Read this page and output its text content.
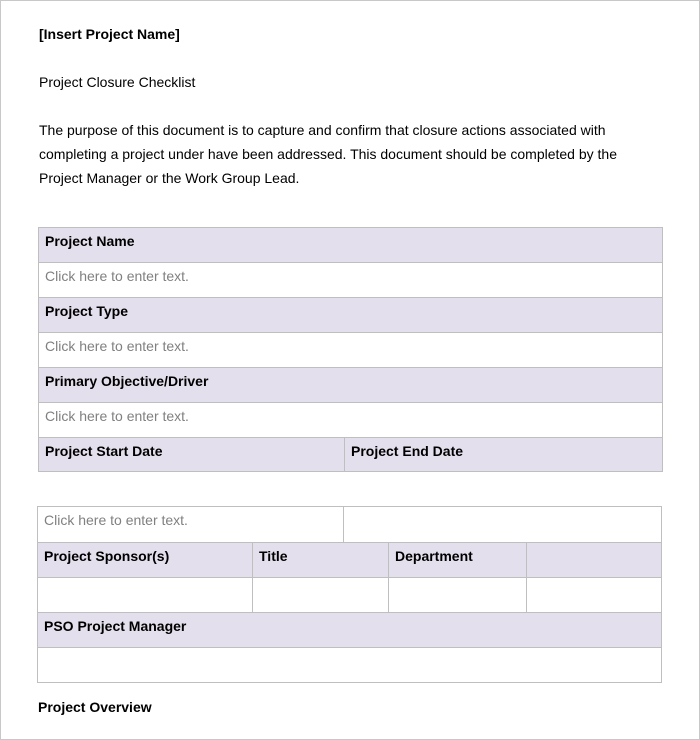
[Insert Project Name]
Project Closure Checklist
The purpose of this document is to capture and confirm that closure actions associated with
completing a project under have been addressed. This document should be completed by the
Project Manager or the Work Group Lead.
Project Name
Click here to enter text.
Project Type
Click here to enter text.
Primary Objective/Driver
Click here to enter text.
Project Start Date	Project End Date
Click here to enter text.
Project Sponsor(s)	Title	Department
PSO Project Manager
Project Overview
